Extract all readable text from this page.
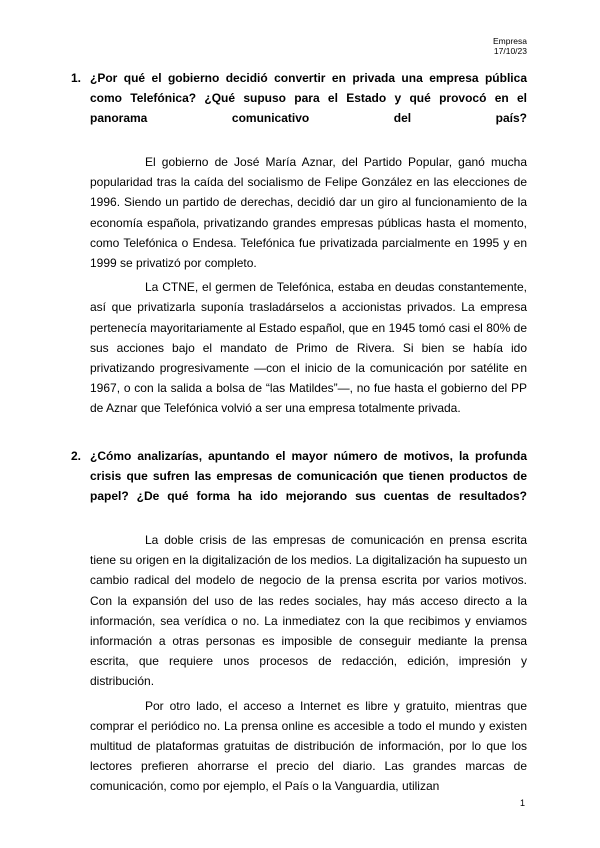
Empresa
17/10/23
1. ¿Por qué el gobierno decidió convertir en privada una empresa pública como Telefónica? ¿Qué supuso para el Estado y qué provocó en el panorama comunicativo del país?

El gobierno de José María Aznar, del Partido Popular, ganó mucha popularidad tras la caída del socialismo de Felipe González en las elecciones de 1996. Siendo un partido de derechas, decidió dar un giro al funcionamiento de la economía española, privatizando grandes empresas públicas hasta el momento, como Telefónica o Endesa. Telefónica fue privatizada parcialmente en 1995 y en 1999 se privatizó por completo.

La CTNE, el germen de Telefónica, estaba en deudas constantemente, así que privatizarla suponía trasladárselos a accionistas privados. La empresa pertenecía mayoritariamente al Estado español, que en 1945 tomó casi el 80% de sus acciones bajo el mandato de Primo de Rivera. Si bien se había ido privatizando progresivamente —con el inicio de la comunicación por satélite en 1967, o con la salida a bolsa de “las Matildes”—, no fue hasta el gobierno del PP de Aznar que Telefónica volvió a ser una empresa totalmente privada.

2. ¿Cómo analizarías, apuntando el mayor número de motivos, la profunda crisis que sufren las empresas de comunicación que tienen productos de papel? ¿De qué forma ha ido mejorando sus cuentas de resultados?

La doble crisis de las empresas de comunicación en prensa escrita tiene su origen en la digitalización de los medios. La digitalización ha supuesto un cambio radical del modelo de negocio de la prensa escrita por varios motivos. Con la expansión del uso de las redes sociales, hay más acceso directo a la información, sea verídica o no. La inmediatez con la que recibimos y enviamos información a otras personas es imposible de conseguir mediante la prensa escrita, que requiere unos procesos de redacción, edición, impresión y distribución.

Por otro lado, el acceso a Internet es libre y gratuito, mientras que comprar el periódico no. La prensa online es accesible a todo el mundo y existen multitud de plataformas gratuitas de distribución de información, por lo que los lectores prefieren ahorrarse el precio del diario. Las grandes marcas de comunicación, como por ejemplo, el País o la Vanguardia, utilizan

1
